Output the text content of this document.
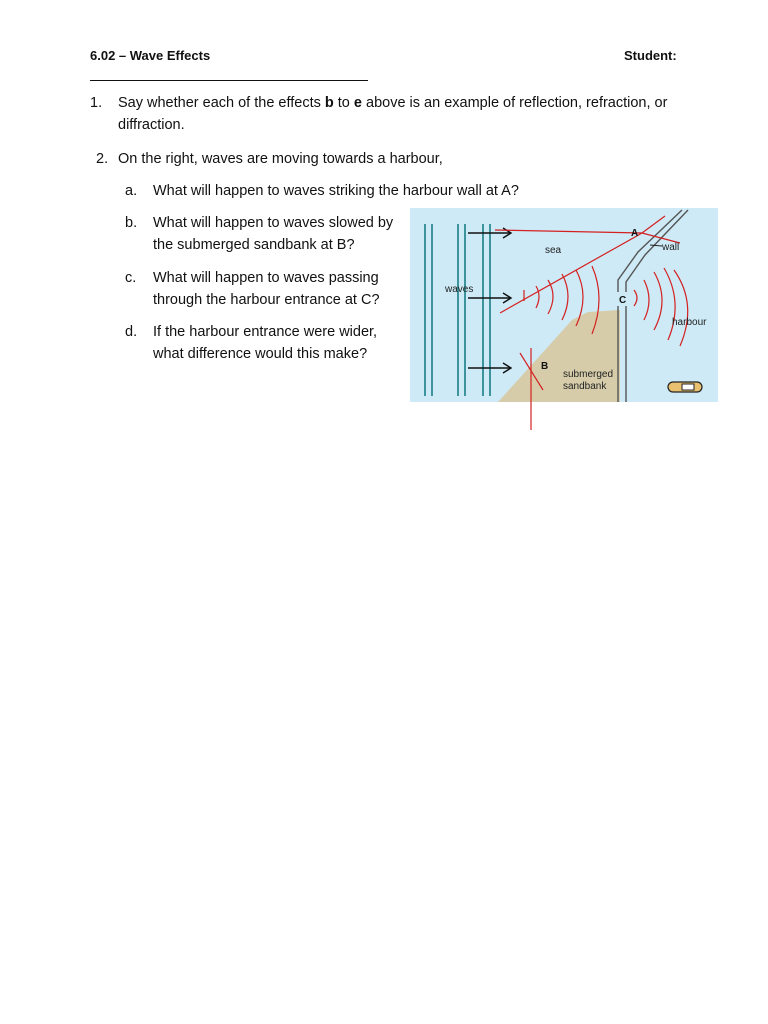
6.02 – Wave Effects	Student:
1. Say whether each of the effects b to e above is an example of reflection, refraction, or diffraction.
2. On the right, waves are moving towards a harbour,
a. What will happen to waves striking the harbour wall at A?
b. What will happen to waves slowed by the submerged sandbank at B?
c. What will happen to waves passing through the harbour entrance at C?
d. If the harbour entrance were wider, what difference would this make?
sea	wall
waves
harbour
submerged
sandbank
A
B
C
